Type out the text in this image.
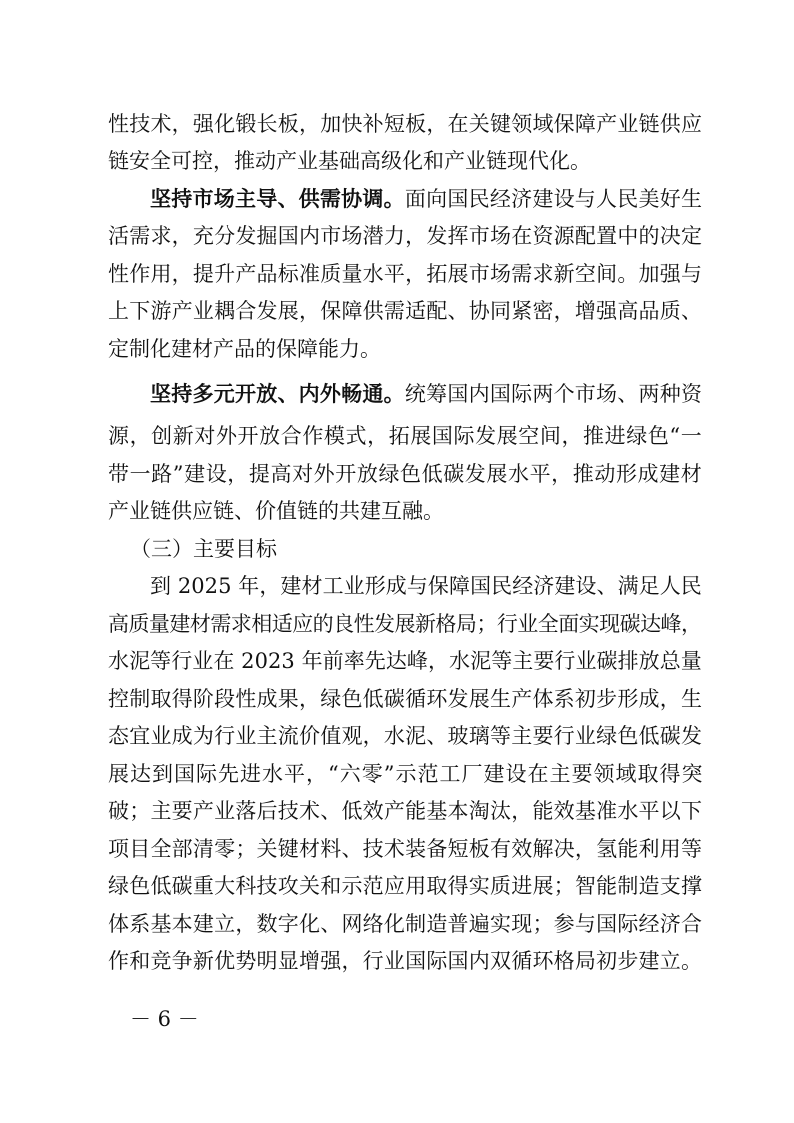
性技术，强化锻长板，加快补短板，在关键领域保障产业链供应
链安全可控，推动产业基础高级化和产业链现代化。
坚持市场主导、供需协调。面向国民经济建设与人民美好生
活需求，充分发掘国内市场潜力，发挥市场在资源配置中的决定
性作用，提升产品标准质量水平，拓展市场需求新空间。加强与
上下游产业耦合发展，保障供需适配、协同紧密，增强高品质、
定制化建材产品的保障能力。
坚持多元开放、内外畅通。统筹国内国际两个市场、两种资
源，创新对外开放合作模式，拓展国际发展空间，推进绿色“一
带一路”建设，提高对外开放绿色低碳发展水平，推动形成建材
产业链供应链、价值链的共建互融。
（三）主要目标
到 2025 年，建材工业形成与保障国民经济建设、满足人民
高质量建材需求相适应的良性发展新格局；行业全面实现碳达峰，
水泥等行业在 2023 年前率先达峰，水泥等主要行业碳排放总量
控制取得阶段性成果，绿色低碳循环发展生产体系初步形成，生
态宜业成为行业主流价值观，水泥、玻璃等主要行业绿色低碳发
展达到国际先进水平，“六零”示范工厂建设在主要领域取得突
破；主要产业落后技术、低效产能基本淘汰，能效基准水平以下
项目全部清零；关键材料、技术装备短板有效解决，氢能利用等
绿色低碳重大科技攻关和示范应用取得实质进展；智能制造支撑
体系基本建立，数字化、网络化制造普遍实现；参与国际经济合
作和竞争新优势明显增强，行业国际国内双循环格局初步建立。
－ 6 －
